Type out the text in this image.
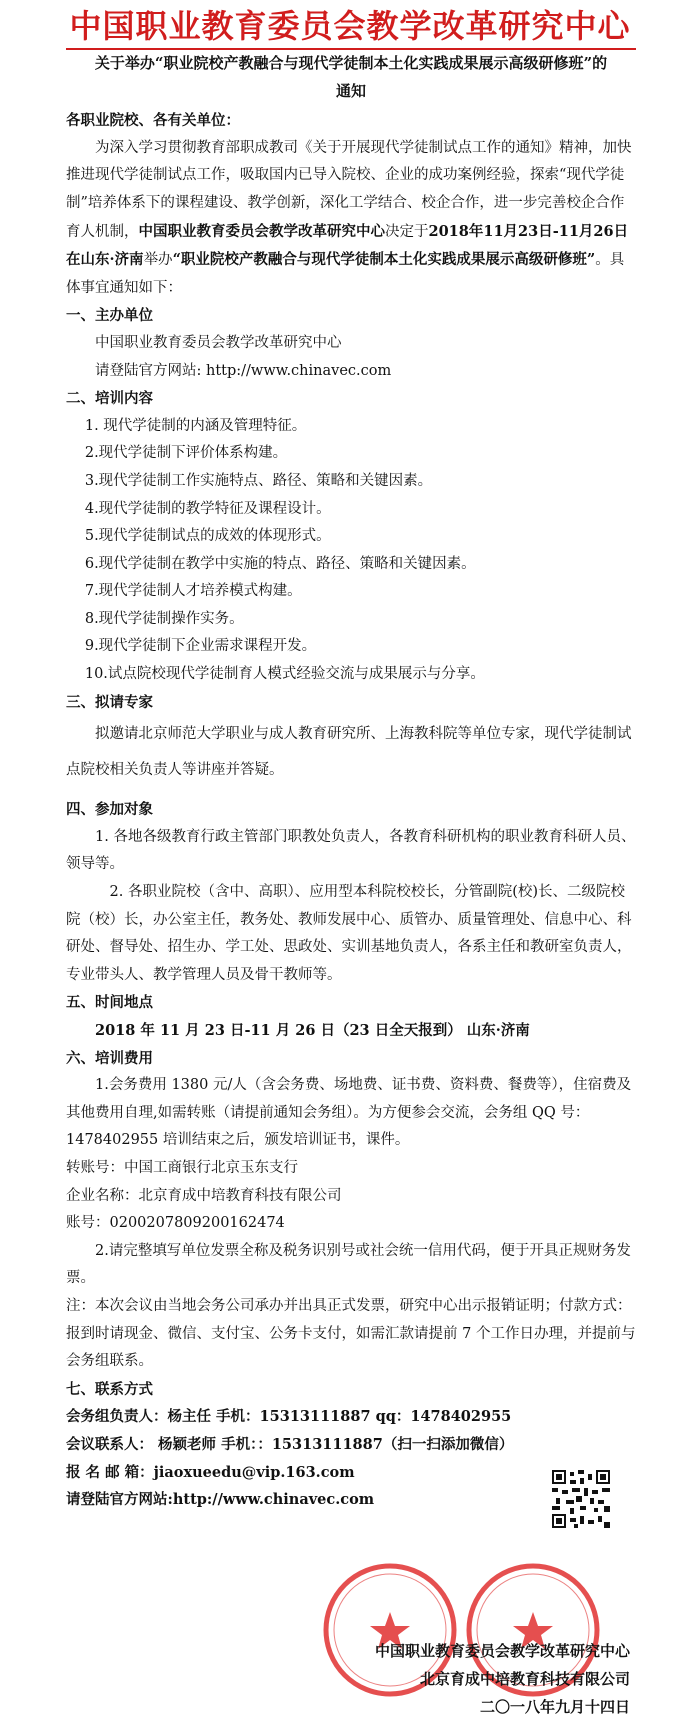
中国职业教育委员会教学改革研究中心

关于举办“职业院校产教融合与现代学徒制本土化实践成果展示高级研修班”的

通知

各职业院校、各有关单位：

为深入学习贯彻教育部职成教司《关于开展现代学徒制试点工作的通知》精神，加快推进现代学徒制试点工作，吸取国内已导入院校、企业的成功案例经验，探索“现代学徒制”培养体系下的课程建设、教学创新，深化工学结合、校企合作，进一步完善校企合作育人机制，中国职业教育委员会教学改革研究中心决定于2018年11月23日-11月26日在山东·济南举办“职业院校产教融合与现代学徒制本土化实践成果展示高级研修班”。具体事宜通知如下：

一、主办单位

中国职业教育委员会教学改革研究中心

请登陆官方网站: http://www.chinavec.com

二、培训内容

1. 现代学徒制的内涵及管理特征。

2.现代学徒制下评价体系构建。

3.现代学徒制工作实施特点、路径、策略和关键因素。

4.现代学徒制的教学特征及课程设计。

5.现代学徒制试点的成效的体现形式。

6.现代学徒制在教学中实施的特点、路径、策略和关键因素。

7.现代学徒制人才培养模式构建。

8.现代学徒制操作实务。

9.现代学徒制下企业需求课程开发。

10.试点院校现代学徒制育人模式经验交流与成果展示与分享。

三、拟请专家

拟邀请北京师范大学职业与成人教育研究所、上海教科院等单位专家，现代学徒制试点院校相关负责人等讲座并答疑。

四、参加对象

1. 各地各级教育行政主管部门职教处负责人，各教育科研机构的职业教育科研人员、领导等。

2. 各职业院校（含中、高职）、应用型本科院校校长，分管副院(校)长、二级院校院（校）长，办公室主任，教务处、教师发展中心、质管办、质量管理处、信息中心、科研处、督导处、招生办、学工处、思政处、实训基地负责人，各系主任和教研室负责人，专业带头人、教学管理人员及骨干教师等。

五、时间地点

2018 年 11 月 23 日-11 月 26 日（23 日全天报到） 山东·济南

六、培训费用

1.会务费用 1380 元/人（含会务费、场地费、证书费、资料费、餐费等），住宿费及其他费用自理,如需转账（请提前通知会务组）。为方便参会交流，会务组 QQ 号：1478402955 培训结束之后，颁发培训证书，课件。

转账号：中国工商银行北京玉东支行

企业名称：北京育成中培教育科技有限公司

账号：0200207809200162474

2.请完整填写单位发票全称及税务识别号或社会统一信用代码，便于开具正规财务发票。

注：本次会议由当地会务公司承办并出具正式发票，研究中心出示报销证明；付款方式：报到时请现金、微信、支付宝、公务卡支付，如需汇款请提前 7 个工作日办理，并提前与会务组联系。

七、联系方式

会务组负责人：杨主任 手机：15313111887 qq：1478402955

会议联系人： 杨颖老师 手机：：15313111887（扫一扫添加微信）

报 名 邮 箱：jiaoxueedu@vip.163.com

请登陆官方网站:http://www.chinavec.com

中国职业教育委员会教学改革研究中心
北京育成中培教育科技有限公司
二〇一八年九月十四日
